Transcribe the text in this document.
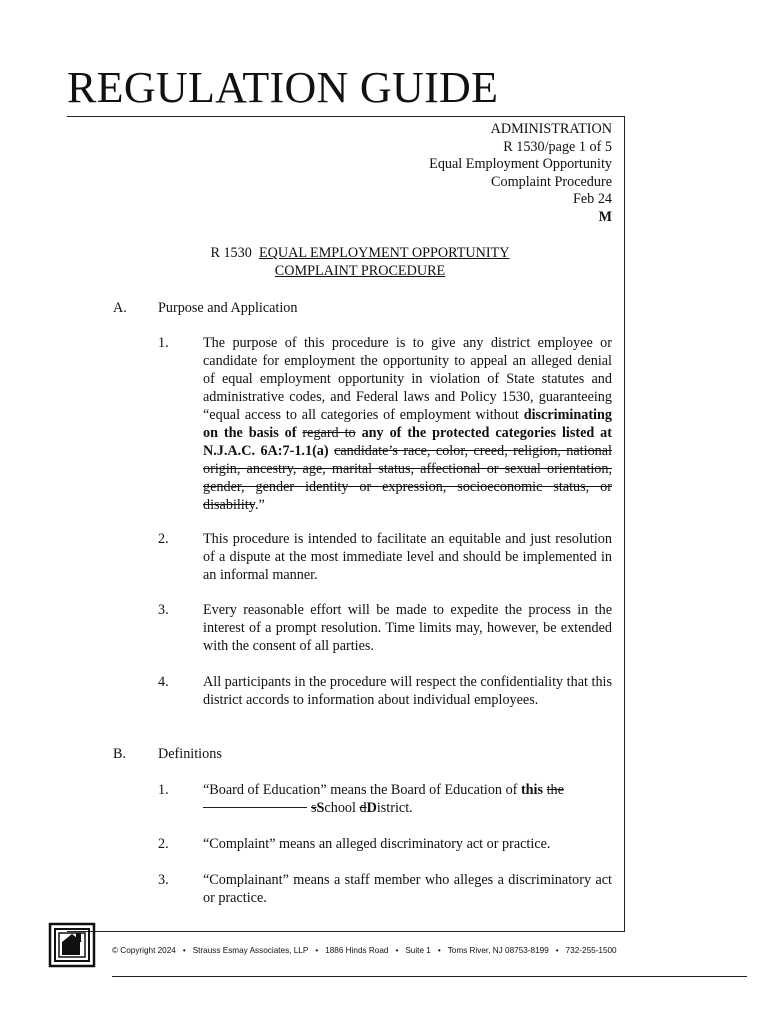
REGULATION GUIDE
ADMINISTRATION
R 1530/page 1 of 5
Equal Employment Opportunity
Complaint Procedure
Feb 24
M
R 1530 EQUAL EMPLOYMENT OPPORTUNITY
COMPLAINT PROCEDURE
A. Purpose and Application
1. The purpose of this procedure is to give any district employee or candidate for employment the opportunity to appeal an alleged denial of equal employment opportunity in violation of State statutes and administrative codes, and Federal laws and Policy 1530, guaranteeing “equal access to all categories of employment without discriminating on the basis of regard to any of the protected categories listed at N.J.A.C. 6A:7-1.1(a) candidate’s race, color, creed, religion, national origin, ancestry, age, marital status, affectional or sexual orientation, gender, gender identity or expression, socioeconomic status, or disability.”
2. This procedure is intended to facilitate an equitable and just resolution of a dispute at the most immediate level and should be implemented in an informal manner.
3. Every reasonable effort will be made to expedite the process in the interest of a prompt resolution. Time limits may, however, be extended with the consent of all parties.
4. All participants in the procedure will respect the confidentiality that this district accords to information about individual employees.
B. Definitions
1. “Board of Education” means the Board of Education of this the
sSchool dDistrict.
2. “Complaint” means an alleged discriminatory act or practice.
3. “Complainant” means a staff member who alleges a discriminatory act or practice.
© Copyright 2024 • Strauss Esmay Associates, LLP • 1886 Hinds Road • Suite 1 • Toms River, NJ 08753-8199 • 732-255-1500
